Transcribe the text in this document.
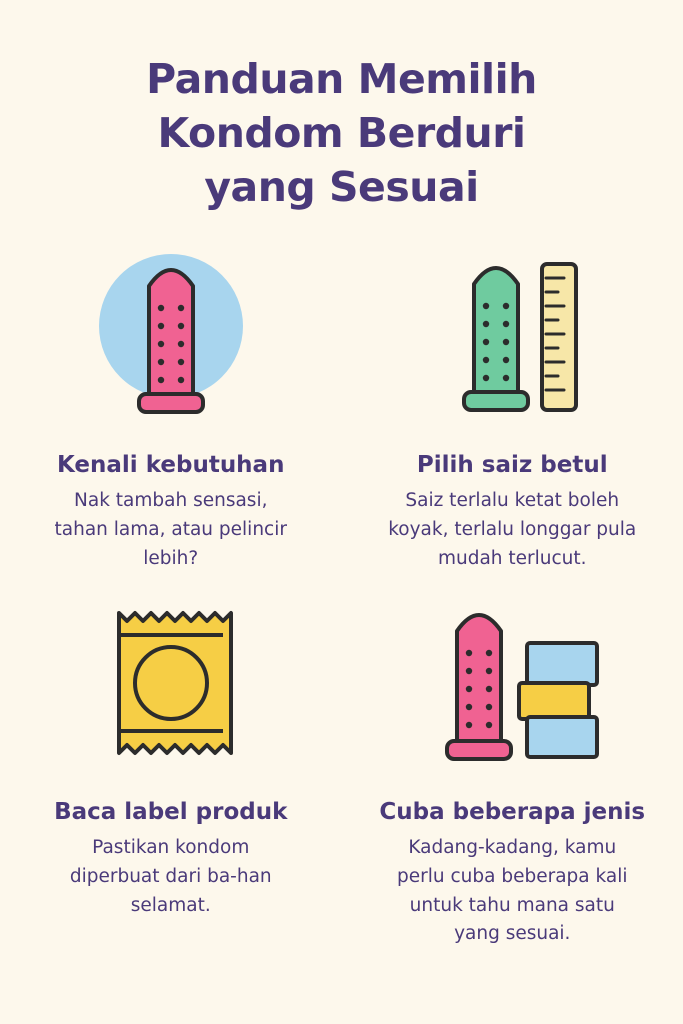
Panduan Memilih
Kondom Berduri
yang Sesuai
Kenali kebutuhan
Nak tambah sensasi, tahan lama, atau pelincir lebih?
Pilih saiz betul
Saiz terlalu ketat boleh koyak, terlalu longgar pula mudah terlucut.
Baca label produk
Pastikan kondom diperbuat dari ba-han selamat.
Cuba beberapa jenis
Kadang-kadang, kamu perlu cuba beberapa kali untuk tahu mana satu yang sesuai.
